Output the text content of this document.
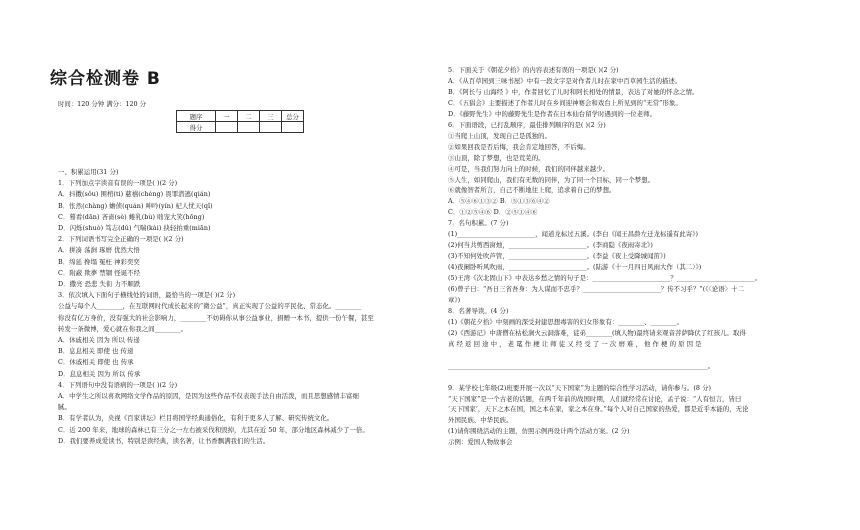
综合检测卷 B
时间：120 分钟 满分：120 分
题序	一	二	三	总分
得分				
一、积累运用(31 分)
1．下列加点字读音有误的一项是( )(2 分)
A．抖擞(sǒu) 围棺(ti) 慈禧(chéng) 畏罪潜逃(qián)
B．怅然(chàng) 蟾侦(quán) 呻吟(yín) 杞人忧天(qǐ)
C．蓦看(dān) 吝啬(sè) 蜷乳(bù) 咄宠大笑(hōng)
D．闪烁(shuò) 笃志(dǔ) 气喘(kài) 抉轻拍重(miān)
2．下列词语书写完全正确的一项是( )(2 分)
A．拼凑 荡涧 琢磨 优然大悟
B．绵延 搀塌 冤枉 神彩奕奕
C．附蔽 欺夢 禁锢 怪诞不经
D．撒亮 恐悲 失衔 力不顺跌
3．依次填入下面句子横线处的词语，最恰当的一项是( )(2 分)
公益与每个人________，在互联网时代成长起来的“微公益”，真正实现了公益的平民化、常态化。________
你没有亿万身价，没有强大的社会影响力，________不妨碍你从事公益事业，捐赠一本书，提供一份午餐，甚至
转发一条微博，爱心就在你我之间________。
A．休戚相关 因为 所以 传递
B．息息相关 即使 也 传递
C．休戚相关 即使 也 传承
D．息息相关 因为 所以 传承
4．下列语句中没有语病的一项是( )(2 分)
A．中学生之所以喜欢网络文学作品的原因，是因为这些作品不仅表现手法自由活泼，而且思想感情丰富细
腻。
B．有学者认为，央视《百家讲坛》栏目将国学经典通俗化，有利于更多人了解、研究传统文化。
C．近 200 年来，地球的森林已有三分之一左右被采伐和毁掉，尤其在近 50 年，部分地区森林减少了一倍。
D．我们要养成爱读书，特别是读经典，读名著，让书香飘满我们的生活。
5．下面关于《朝花夕拾》的内容表述有误的一项是( )(2 分)
A．《从百草园到三味书屋》中有一段文字是对作者儿时在家中百草园生活的描述。
B．《阿长与 山海经 》中，作者回忆了儿时和阿长相处的情景，表达了对她的怀念之情。
C．《五猖会》主要描述了作者儿时在乡间迎神赛会和戏台上所见到的“无常”形象。
D．《藤野先生》中的藤野先生是作者在日本仙台留学时遇到的一位老师。
6．下面语段，已打乱顺序，最佳排列顺序的是( )(2 分)
①当爬上山顶，发现自己是孤独的。
②如果回我是否后悔，我会肯定地回答，不后悔。
③山顶，除了梦想，也是荒芜的。
④可是，当我们努力向上的时候，我们的同伴越来越少。
⑤人生，如同爬山，我们有无数的同伴，为了同一个目标，同一个梦想。
⑥就像智者所言，自己不断地往上爬，追求着自己的梦想。
A．⑤④⑥①③② B．⑤①③⑥④②
C．①②⑤④⑥ D．②⑤①④⑥
7．名句积累。(7 分)
(1)________________________，闻道龙标过五溪。(李白《闻王昌龄左迁龙标遥有此寄》)
(2)何当共剪西窗烛，________________________。(李商隐《夜雨寄北》)
(3)不知何处吹芦管，________________________。(李益《夜上受降城闻笛》)
(4)夜阑卧听风吹雨，________________________。(陆游《十一月四日风雨大作（其二）》)
(5)王湾《次北固山下》中表达乡愁之情的句子是：________________________？________________________。
(6)曾子曰：“吾日三省吾身：为人谋而不忠乎？________________________？传不习乎？”(《〈论语〉十二
章》)
8．名著导读。(4 分)
(1)《朝花夕拾》中刻画的深受封建思想毒害的妇女形象有：________、________。
(2)《西游记》中唐僧在枯松涧火云洞落难，徒弟________(填人物)最终请来观音菩萨降伏了红孩儿。取得
真 经 返 回 途 中 ， 老 鼋 作 梗 让 师 徒 又 经 受 了 一 次 磨 难 ， 他 作 梗 的 原 因 是
________________________________________________________________________________。
9．某学校七年级(2)班要开展一次以“天下国家”为主题的综合性学习活动，请你参与。(8 分)
“天下国家”是一个古老的话题，在两千年前的战国时期，人们就经常在讨论，孟子说：“人有恒言，皆曰
‘天下国家’，天下之本在国，国之本在家，家之本在身。”每个人对自己国家的热爱，都是近乎本能的，无论
外国民族、中华民族。
(1)请你围绕活动的主题，仿照示例再设计两个活动方案。(2 分)
示例：爱国人物故事会
